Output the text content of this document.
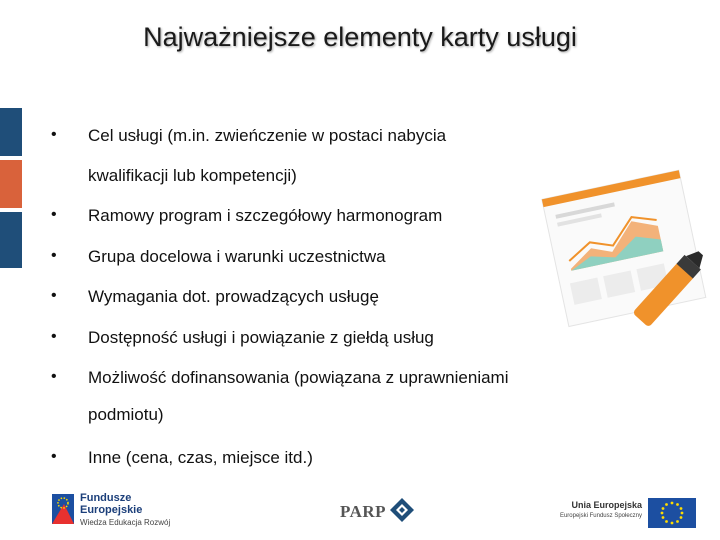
Najważniejsze elementy karty usługi
• Cel usługi (m.in. zwieńczenie w postaci nabycia
kwalifikacji lub kompetencji)
• Ramowy program i szczegółowy harmonogram
• Grupa docelowa i warunki uczestnictwa
• Wymagania dot. prowadzących usługę
• Dostępność usługi i powiązanie z giełdą usług
• Możliwość dofinansowania (powiązana z uprawnieniami
podmiotu)
• Inne (cena, czas, miejsce itd.)
Fundusze
Europejskie
Wiedza Edukacja Rozwój
PARP	Unia Europejska
Europejski Fundusz Społeczny
